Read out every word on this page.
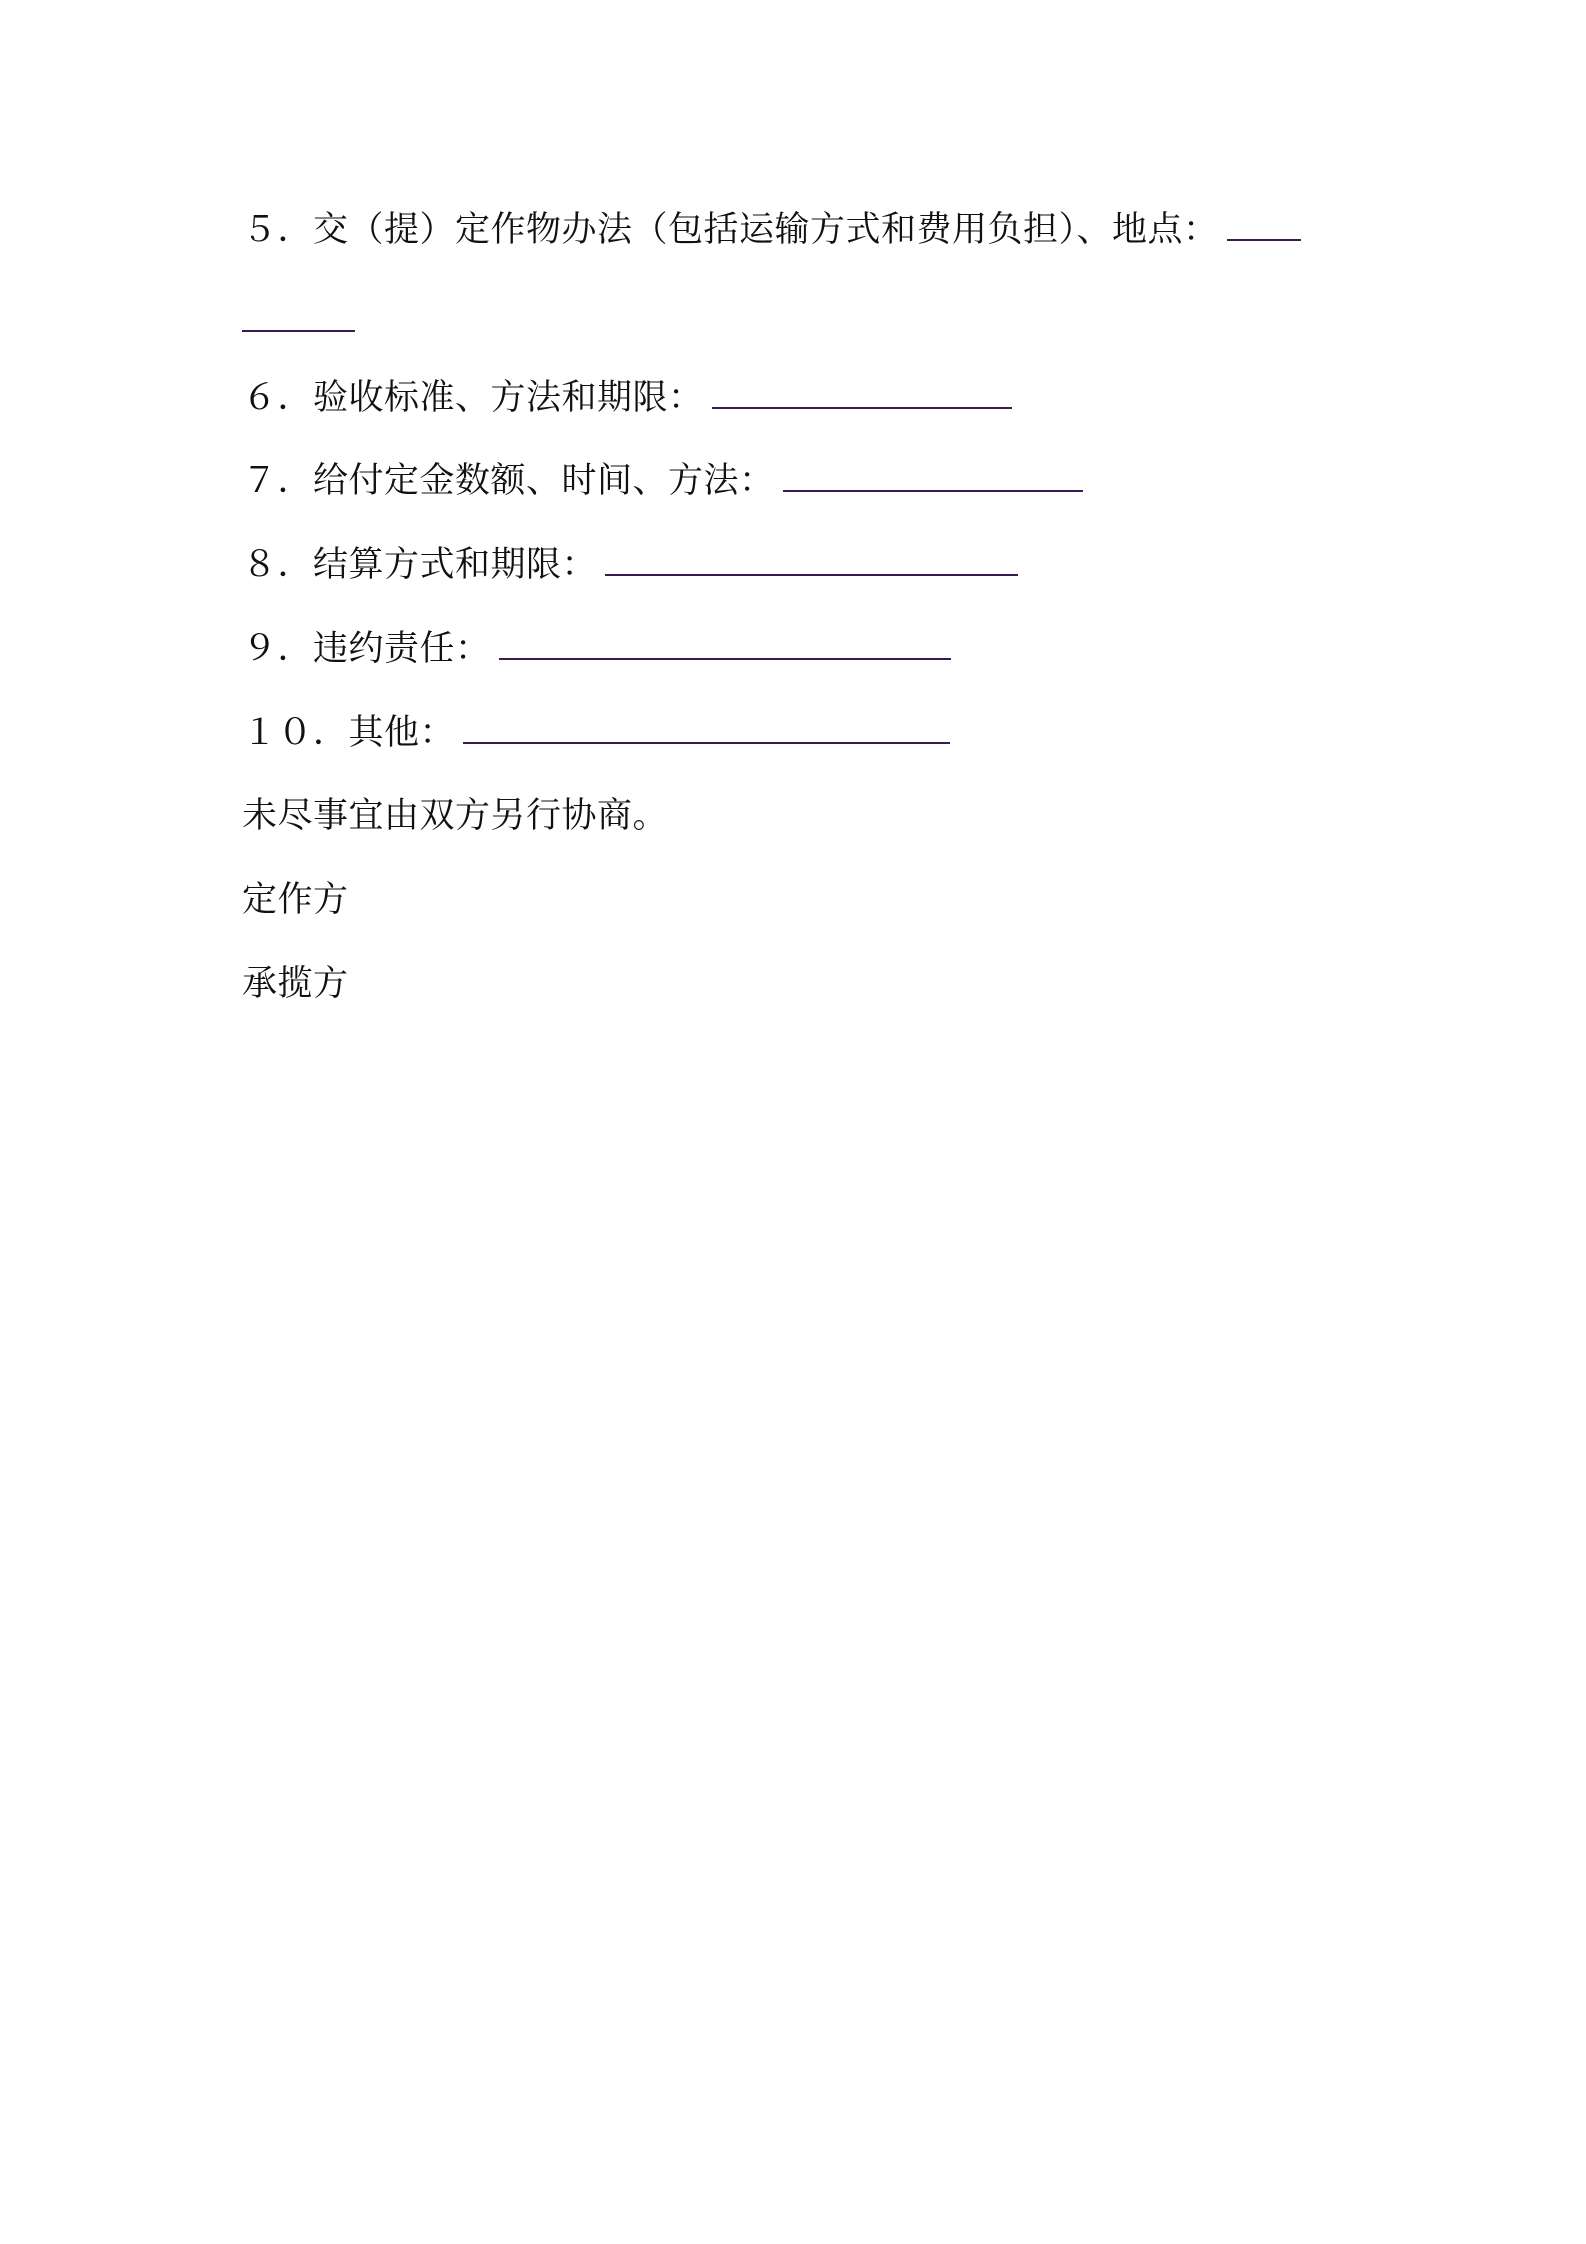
５．交（提）定作物办法（包括运输方式和费用负担）、地点：
６．验收标准、方法和期限：
７．给付定金数额、时间、方法：
８．结算方式和期限：
９．违约责任：
１０．其他：
未尽事宜由双方另行协商。
定作方
承揽方
